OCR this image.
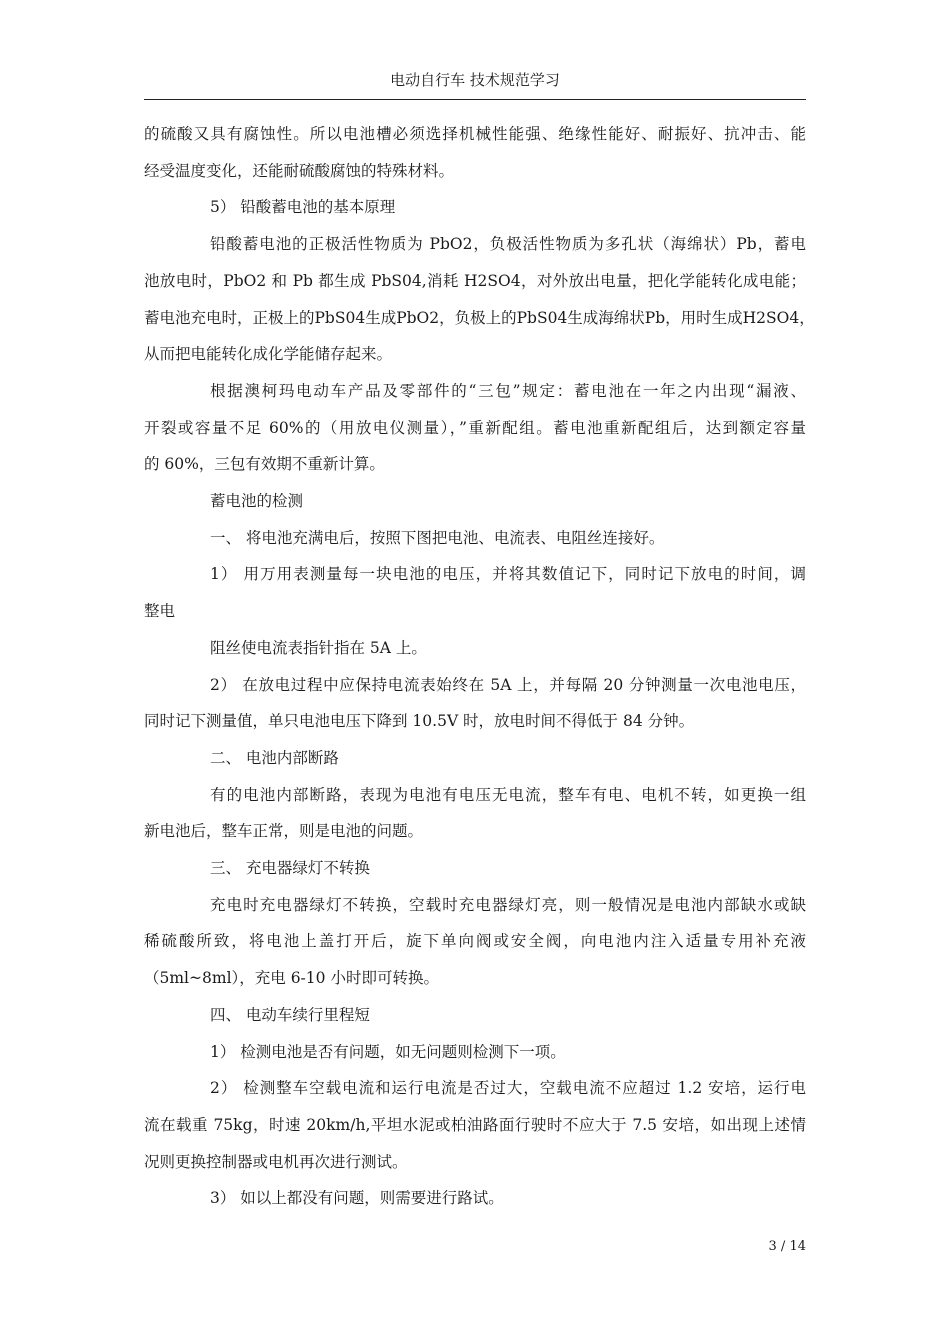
电动自行车 技术规范学习
的硫酸又具有腐蚀性。所以电池槽必须选择机械性能强、绝缘性能好、耐振好、抗冲击、能
经受温度变化，还能耐硫酸腐蚀的特殊材料。
5） 铅酸蓄电池的基本原理
铅酸蓄电池的正极活性物质为 PbO2，负极活性物质为多孔状（海绵状）Pb，蓄电
池放电时，PbO2 和 Pb 都生成 PbS04,消耗 H2SO4，对外放出电量，把化学能转化成电能；
蓄电池充电时，正极上的PbS04生成PbO2，负极上的PbS04生成海绵状Pb，用时生成H2SO4，
从而把电能转化成化学能储存起来。
根据澳柯玛电动车产品及零部件的“三包”规定：蓄电池在一年之内出现“漏液、
开裂或容量不足 60%的（用放电仪测量），”重新配组。蓄电池重新配组后，达到额定容量
的 60%，三包有效期不重新计算。
蓄电池的检测
一、 将电池充满电后，按照下图把电池、电流表、电阻丝连接好。
1） 用万用表测量每一块电池的电压，并将其数值记下，同时记下放电的时间，调
整电
阻丝使电流表指针指在 5A 上。
2） 在放电过程中应保持电流表始终在 5A 上，并每隔 20 分钟测量一次电池电压，
同时记下测量值，单只电池电压下降到 10.5V 时，放电时间不得低于 84 分钟。
二、 电池内部断路
有的电池内部断路，表现为电池有电压无电流，整车有电、电机不转，如更换一组
新电池后，整车正常，则是电池的问题。
三、 充电器绿灯不转换
充电时充电器绿灯不转换，空载时充电器绿灯亮，则一般情况是电池内部缺水或缺
稀硫酸所致，将电池上盖打开后，旋下单向阀或安全阀，向电池内注入适量专用补充液
（5ml~8ml），充电 6-10 小时即可转换。
四、 电动车续行里程短
1） 检测电池是否有问题，如无问题则检测下一项。
2） 检测整车空载电流和运行电流是否过大，空载电流不应超过 1.2 安培，运行电
流在载重 75kg，时速 20km/h,平坦水泥或柏油路面行驶时不应大于 7.5 安培，如出现上述情
况则更换控制器或电机再次进行测试。
3） 如以上都没有问题，则需要进行路试。
3 / 14
